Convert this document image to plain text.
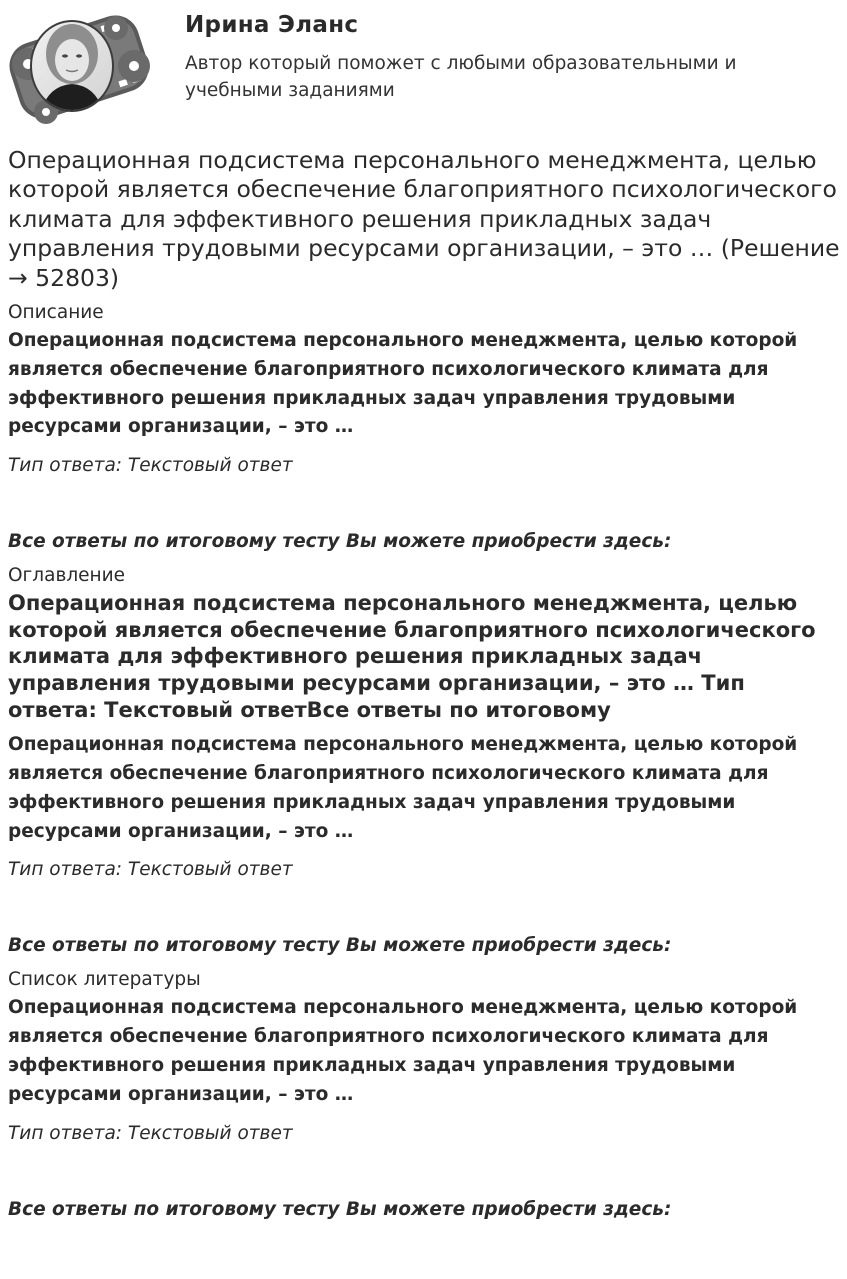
Ирина Эланс
Автор который поможет с любыми образовательными и учебными заданиями
Операционная подсистема персонального менеджмента, целью которой является обеспечение благоприятного психологического климата для эффективного решения прикладных задач управления трудовыми ресурсами организации, – это … (Решение → 52803)
Описание

Операционная подсистема персонального менеджмента, целью которой является обеспечение благоприятного психологического климата для эффективного решения прикладных задач управления трудовыми ресурсами организации, – это …

Тип ответа: Текстовый ответ

Все ответы по итоговому тесту Вы можете приобрести здесь:

Оглавление
Операционная подсистема персонального менеджмента, целью которой является обеспечение благоприятного психологического климата для эффективного решения прикладных задач управления трудовыми ресурсами организации, – это … Тип ответа: Текстовый ответВсе ответы по итоговому

Операционная подсистема персонального менеджмента, целью которой является обеспечение благоприятного психологического климата для эффективного решения прикладных задач управления трудовыми ресурсами организации, – это …

Тип ответа: Текстовый ответ

Все ответы по итоговому тесту Вы можете приобрести здесь:

Список литературы

Операционная подсистема персонального менеджмента, целью которой является обеспечение благоприятного психологического климата для эффективного решения прикладных задач управления трудовыми ресурсами организации, – это …

Тип ответа: Текстовый ответ

Все ответы по итоговому тесту Вы можете приобрести здесь:
